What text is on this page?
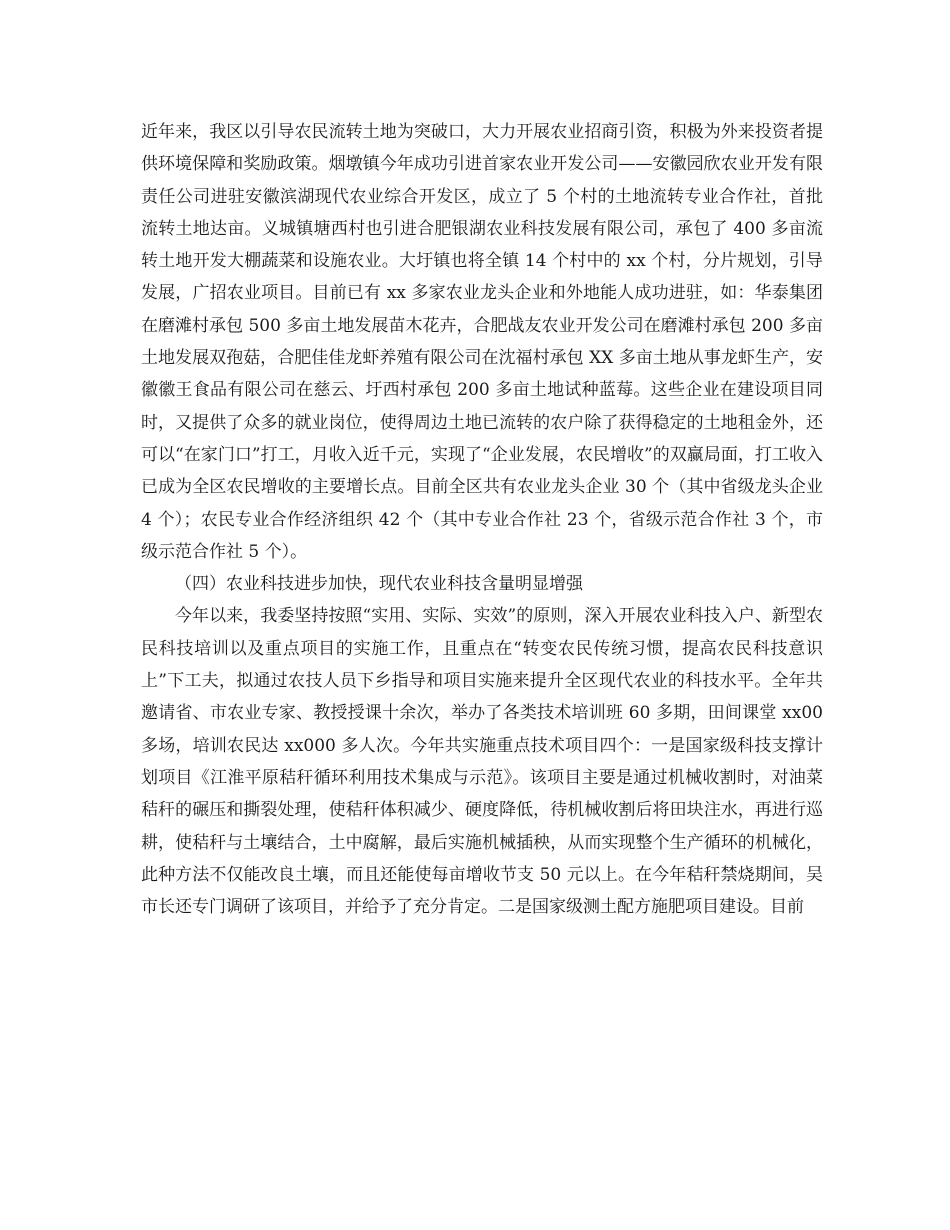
近年来，我区以引导农民流转土地为突破口，大力开展农业招商引资，积极为外来投资者提供环境保障和奖励政策。烟墩镇今年成功引进首家农业开发公司——安徽园欣农业开发有限责任公司进驻安徽滨湖现代农业综合开发区，成立了 5 个村的土地流转专业合作社，首批流转土地达亩。义城镇塘西村也引进合肥银湖农业科技发展有限公司，承包了 400 多亩流转土地开发大棚蔬菜和设施农业。大圩镇也将全镇 14 个村中的 xx 个村，分片规划，引导发展，广招农业项目。目前已有 xx 多家农业龙头企业和外地能人成功进驻，如：华泰集团在磨滩村承包 500 多亩土地发展苗木花卉，合肥战友农业开发公司在磨滩村承包 200 多亩土地发展双孢菇，合肥佳佳龙虾养殖有限公司在沈福村承包 XX 多亩土地从事龙虾生产，安徽徽王食品有限公司在慈云、圩西村承包 200 多亩土地试种蓝莓。这些企业在建设项目同时，又提供了众多的就业岗位，使得周边土地已流转的农户除了获得稳定的土地租金外，还可以“在家门口”打工，月收入近千元，实现了“企业发展，农民增收”的双赢局面，打工收入已成为全区农民增收的主要增长点。目前全区共有农业龙头企业 30 个（其中省级龙头企业 4 个）；农民专业合作经济组织 42 个（其中专业合作社 23 个，省级示范合作社 3 个，市级示范合作社 5 个）。

（四）农业科技进步加快，现代农业科技含量明显增强

今年以来，我委坚持按照“实用、实际、实效”的原则，深入开展农业科技入户、新型农民科技培训以及重点项目的实施工作，且重点在“转变农民传统习惯，提高农民科技意识上”下工夫，拟通过农技人员下乡指导和项目实施来提升全区现代农业的科技水平。全年共邀请省、市农业专家、教授授课十余次，举办了各类技术培训班 60 多期，田间课堂 xx00 多场，培训农民达 xx000 多人次。今年共实施重点技术项目四个：一是国家级科技支撑计划项目《江淮平原秸秆循环利用技术集成与示范》。该项目主要是通过机械收割时，对油菜秸秆的碾压和撕裂处理，使秸秆体积减少、硬度降低，待机械收割后将田块注水，再进行巡耕，使秸秆与土壤结合，土中腐解，最后实施机械插秧，从而实现整个生产循环的机械化，此种方法不仅能改良土壤，而且还能使每亩增收节支 50 元以上。在今年秸秆禁烧期间，吴市长还专门调研了该项目，并给予了充分肯定。二是国家级测土配方施肥项目建设。目前
